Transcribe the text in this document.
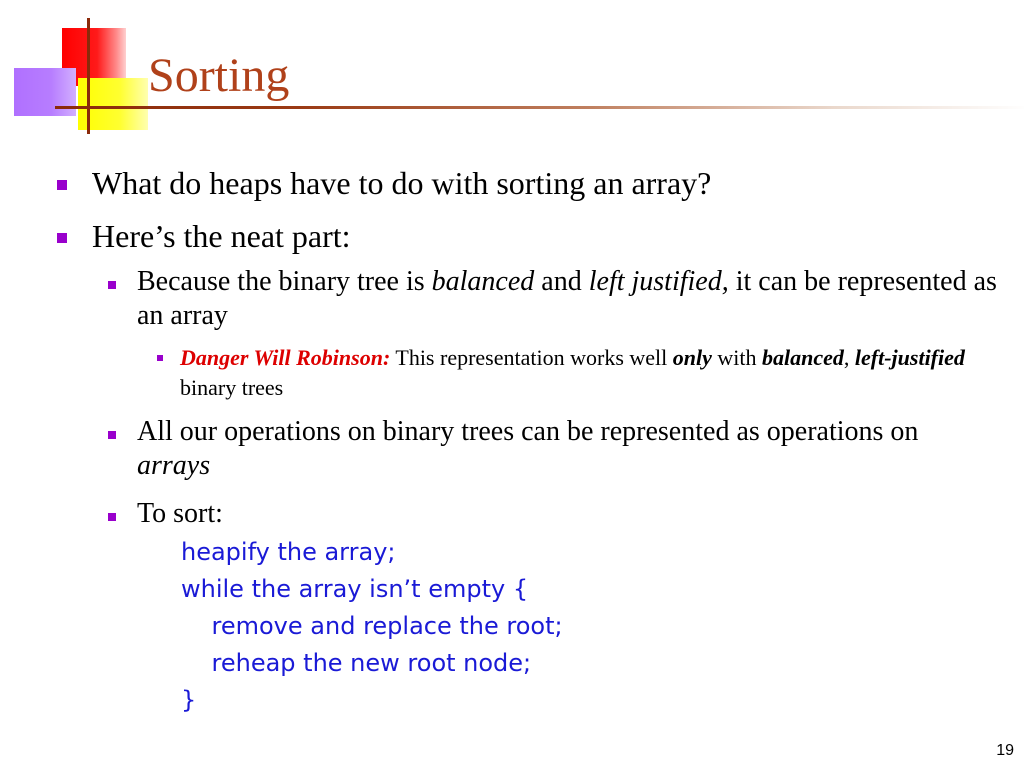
Sorting

What do heaps have to do with sorting an array?

Here’s the neat part:

Because the binary tree is balanced and left justified, it can be represented as an array

Danger Will Robinson: This representation works well only with balanced, left-justified binary trees

All our operations on binary trees can be represented as operations on arrays

To sort:

heapify the array;
while the array isn’t empty {
remove and replace the root;
reheap the new root node;
}
19
